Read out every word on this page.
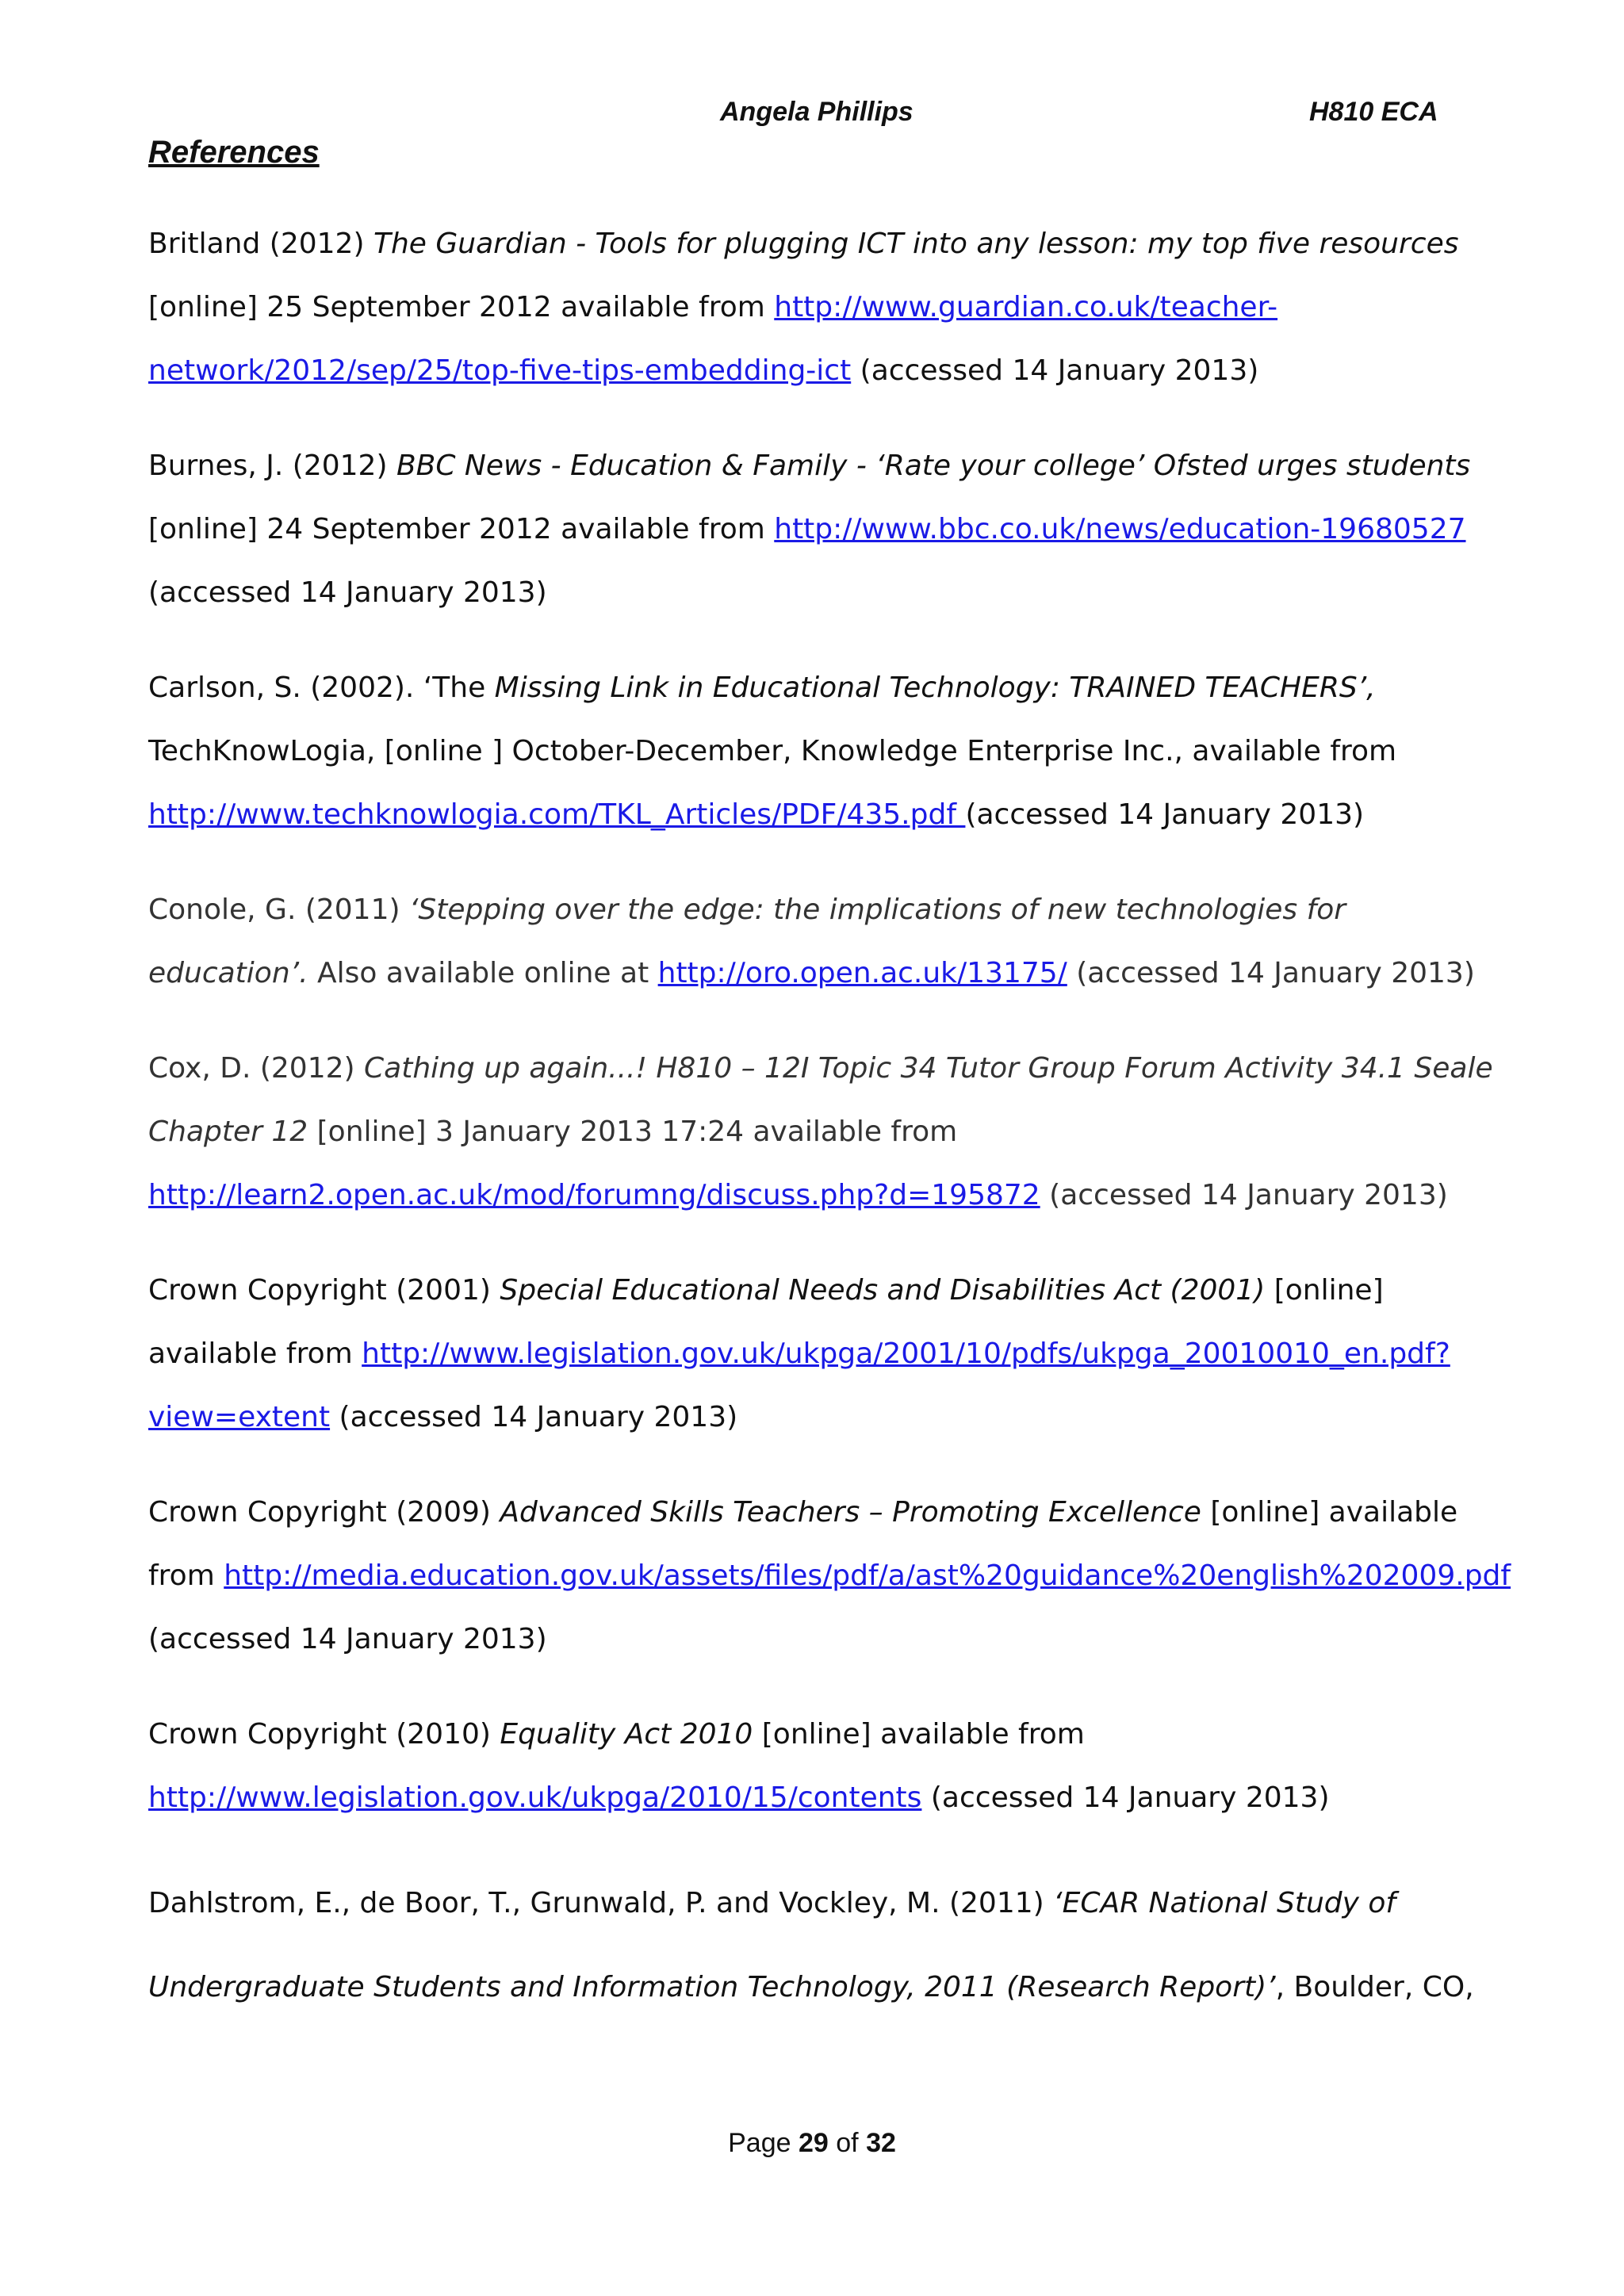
Angela Phillips	H810 ECA
References

Britland (2012) The Guardian - Tools for plugging ICT into any lesson: my top five resources [online] 25 September 2012 available from http://www.guardian.co.uk/teacher-network/2012/sep/25/top-five-tips-embedding-ict (accessed 14 January 2013)

Burnes, J. (2012) BBC News - Education & Family - ‘Rate your college’ Ofsted urges students [online] 24 September 2012 available from http://www.bbc.co.uk/news/education-19680527 (accessed 14 January 2013)

Carlson, S. (2002). ‘The Missing Link in Educational Technology: TRAINED TEACHERS’, TechKnowLogia, [online ] October-December, Knowledge Enterprise Inc., available from http://www.techknowlogia.com/TKL_Articles/PDF/435.pdf (accessed 14 January 2013)

Conole, G. (2011) ‘Stepping over the edge: the implications of new technologies for education’. Also available online at http://oro.open.ac.uk/13175/ (accessed 14 January 2013)

Cox, D. (2012) Cathing up again...! H810 – 12I Topic 34 Tutor Group Forum Activity 34.1 Seale Chapter 12 [online] 3 January 2013 17:24 available from http://learn2.open.ac.uk/mod/forumng/discuss.php?d=195872 (accessed 14 January 2013)

Crown Copyright (2001) Special Educational Needs and Disabilities Act (2001) [online] available from http://www.legislation.gov.uk/ukpga/2001/10/pdfs/ukpga_20010010_en.pdf?view=extent (accessed 14 January 2013)

Crown Copyright (2009) Advanced Skills Teachers – Promoting Excellence [online] available from http://media.education.gov.uk/assets/files/pdf/a/ast%20guidance%20english%202009.pdf (accessed 14 January 2013)

Crown Copyright (2010) Equality Act 2010 [online] available from http://www.legislation.gov.uk/ukpga/2010/15/contents (accessed 14 January 2013)

Dahlstrom, E., de Boor, T., Grunwald, P. and Vockley, M. (2011) ‘ECAR National Study of Undergraduate Students and Information Technology, 2011 (Research Report)’, Boulder, CO,

Page 29 of 32
